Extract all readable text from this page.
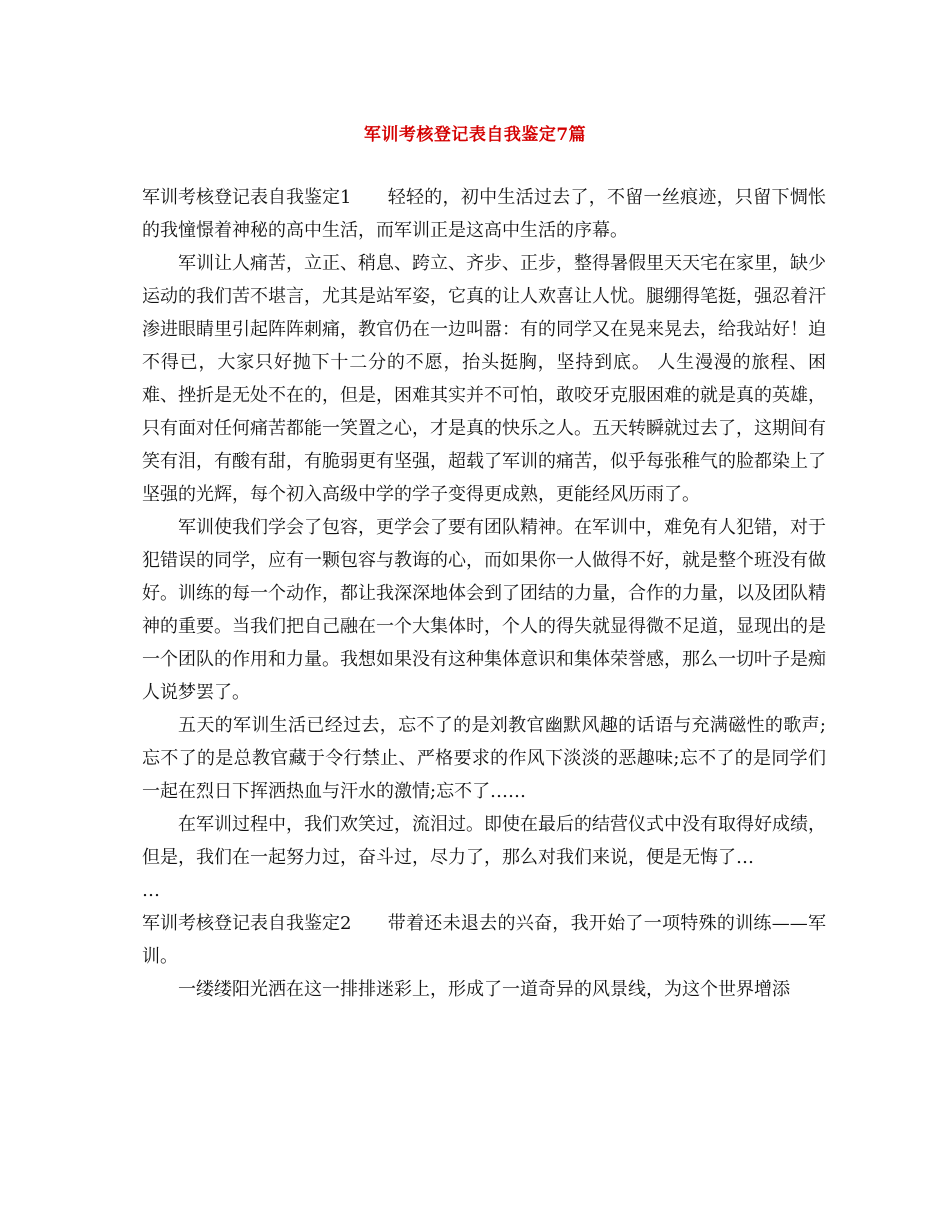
军训考核登记表自我鉴定7篇

军训考核登记表自我鉴定1 轻轻的，初中生活过去了，不留一丝痕迹，只留下惆怅的我憧憬着神秘的高中生活，而军训正是这高中生活的序幕。

军训让人痛苦，立正、稍息、跨立、齐步、正步，整得暑假里天天宅在家里，缺少运动的我们苦不堪言，尤其是站军姿，它真的让人欢喜让人忧。腿绷得笔挺，强忍着汗渗进眼睛里引起阵阵刺痛，教官仍在一边叫嚣：有的同学又在晃来晃去，给我站好！迫不得已，大家只好抛下十二分的不愿，抬头挺胸，坚持到底。 人生漫漫的旅程、困难、挫折是无处不在的，但是，困难其实并不可怕，敢咬牙克服困难的就是真的英雄，只有面对任何痛苦都能一笑置之心，才是真的快乐之人。五天转瞬就过去了，这期间有笑有泪，有酸有甜，有脆弱更有坚强，超载了军训的痛苦，似乎每张稚气的脸都染上了坚强的光辉，每个初入高级中学的学子变得更成熟，更能经风历雨了。

军训使我们学会了包容，更学会了要有团队精神。在军训中，难免有人犯错，对于犯错误的同学，应有一颗包容与教诲的心，而如果你一人做得不好，就是整个班没有做好。训练的每一个动作，都让我深深地体会到了团结的力量，合作的力量，以及团队精神的重要。当我们把自己融在一个大集体时，个人的得失就显得微不足道，显现出的是一个团队的作用和力量。我想如果没有这种集体意识和集体荣誉感，那么一切叶子是痴人说梦罢了。

五天的军训生活已经过去，忘不了的是刘教官幽默风趣的话语与充满磁性的歌声;忘不了的是总教官藏于令行禁止、严格要求的作风下淡淡的恶趣味;忘不了的是同学们一起在烈日下挥洒热血与汗水的激情;忘不了……

在军训过程中，我们欢笑过，流泪过。即使在最后的结营仪式中没有取得好成绩，但是，我们在一起努力过，奋斗过，尽力了，那么对我们来说，便是无悔了…

…

军训考核登记表自我鉴定2 带着还未退去的兴奋，我开始了一项特殊的训练——军训。

一缕缕阳光洒在这一排排迷彩上，形成了一道奇异的风景线，为这个世界增添
